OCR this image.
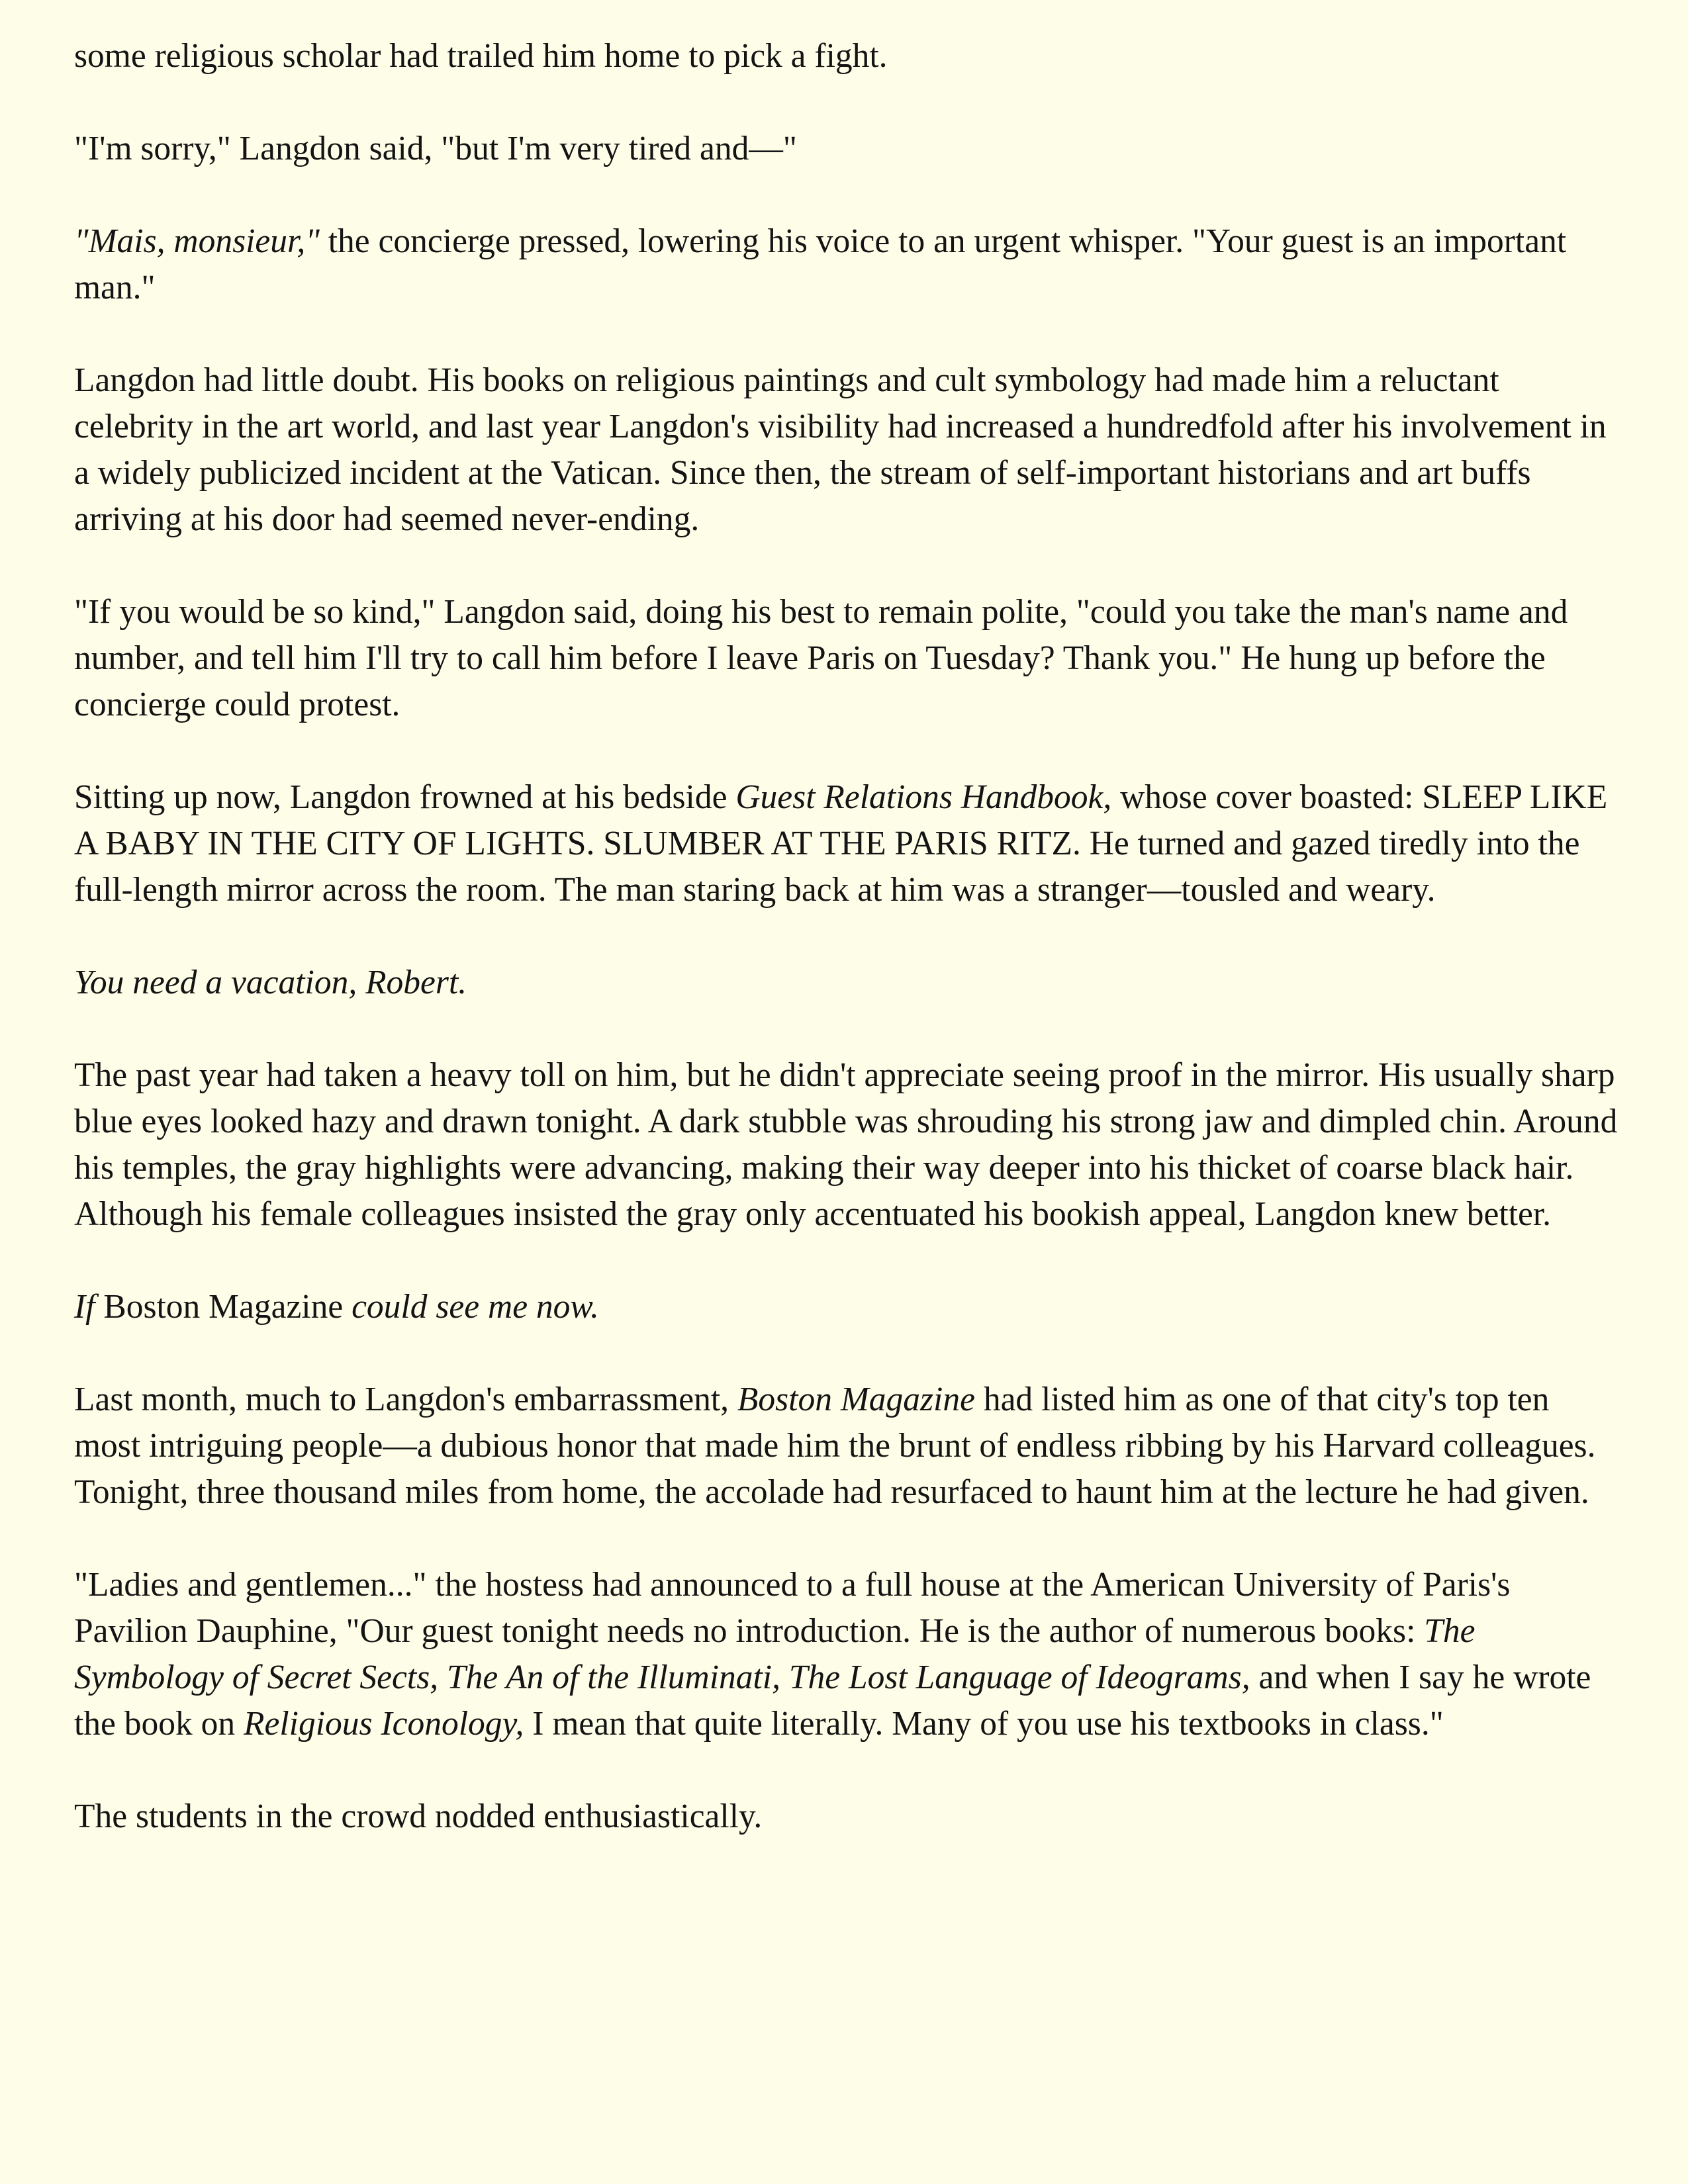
some religious scholar had trailed him home to pick a fight.

"I'm sorry," Langdon said, "but I'm very tired and—"

"Mais, monsieur," the concierge pressed, lowering his voice to an urgent whisper. "Your guest is an important man."

Langdon had little doubt. His books on religious paintings and cult symbology had made him a reluctant celebrity in the art world, and last year Langdon's visibility had increased a hundredfold after his involvement in a widely publicized incident at the Vatican. Since then, the stream of self-important historians and art buffs arriving at his door had seemed never-ending.

"If you would be so kind," Langdon said, doing his best to remain polite, "could you take the man's name and number, and tell him I'll try to call him before I leave Paris on Tuesday? Thank you." He hung up before the concierge could protest.

Sitting up now, Langdon frowned at his bedside Guest Relations Handbook, whose cover boasted: SLEEP LIKE A BABY IN THE CITY OF LIGHTS. SLUMBER AT THE PARIS RITZ. He turned and gazed tiredly into the full-length mirror across the room. The man staring back at him was a stranger—tousled and weary.

You need a vacation, Robert.

The past year had taken a heavy toll on him, but he didn't appreciate seeing proof in the mirror. His usually sharp blue eyes looked hazy and drawn tonight. A dark stubble was shrouding his strong jaw and dimpled chin. Around his temples, the gray highlights were advancing, making their way deeper into his thicket of coarse black hair. Although his female colleagues insisted the gray only accentuated his bookish appeal, Langdon knew better.

If Boston Magazine could see me now.

Last month, much to Langdon's embarrassment, Boston Magazine had listed him as one of that city's top ten most intriguing people—a dubious honor that made him the brunt of endless ribbing by his Harvard colleagues. Tonight, three thousand miles from home, the accolade had resurfaced to haunt him at the lecture he had given.

"Ladies and gentlemen..." the hostess had announced to a full house at the American University of Paris's Pavilion Dauphine, "Our guest tonight needs no introduction. He is the author of numerous books: The Symbology of Secret Sects, The An of the Illuminati, The Lost Language of Ideograms, and when I say he wrote the book on Religious Iconology, I mean that quite literally. Many of you use his textbooks in class."

The students in the crowd nodded enthusiastically.
